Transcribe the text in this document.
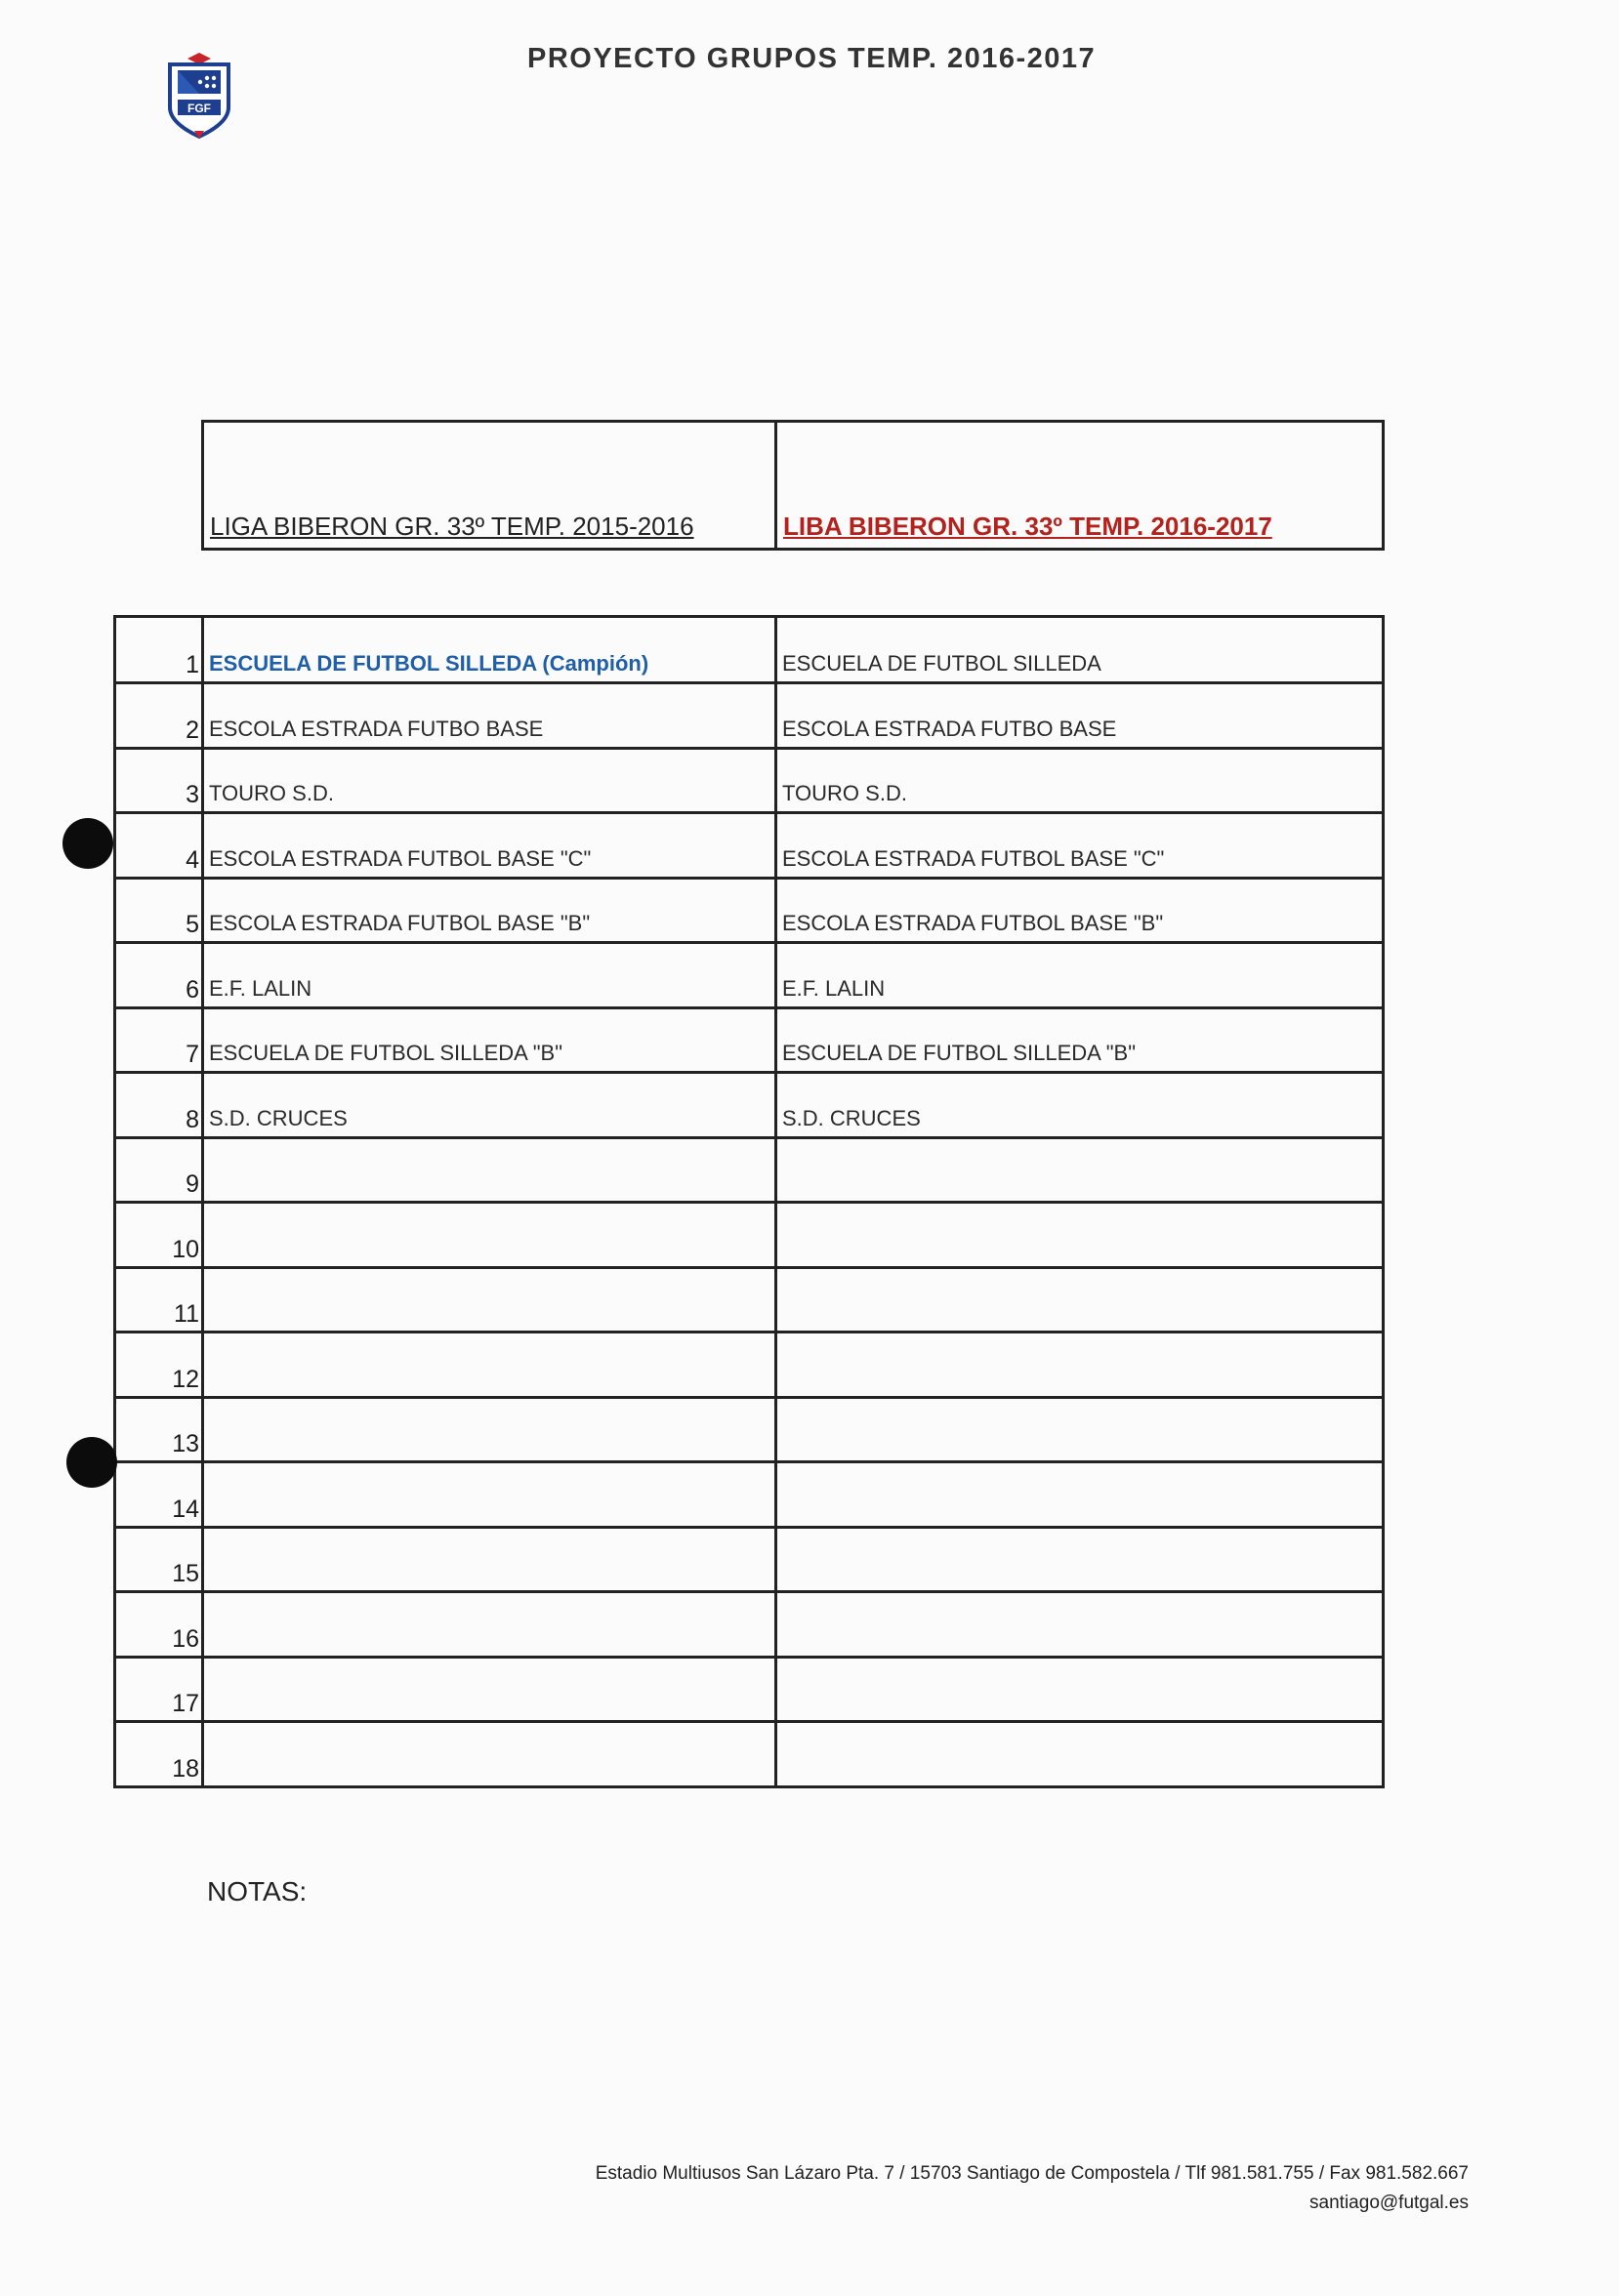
FGF
PROYECTO GRUPOS TEMP. 2016-2017
LIGA BIBERON GR. 33º TEMP. 2015-2016	LIBA BIBERON GR. 33º TEMP. 2016-2017
1 ESCUELA DE FUTBOL SILLEDA (Campión)	ESCUELA DE FUTBOL SILLEDA
2 ESCOLA ESTRADA FUTBO BASE	ESCOLA ESTRADA FUTBO BASE
3 TOURO S.D.	TOURO S.D.
4 ESCOLA ESTRADA FUTBOL BASE "C"	ESCOLA ESTRADA FUTBOL BASE "C"
5 ESCOLA ESTRADA FUTBOL BASE "B"	ESCOLA ESTRADA FUTBOL BASE "B"
6 E.F. LALIN	E.F. LALIN
7 ESCUELA DE FUTBOL SILLEDA "B"	ESCUELA DE FUTBOL SILLEDA "B"
8 S.D. CRUCES	S.D. CRUCES
9
10
11
12
13
14
15
16
17
18
NOTAS:
Estadio Multiusos San Lázaro Pta. 7 / 15703 Santiago de Compostela / Tlf 981.581.755 / Fax 981.582.667
santiago@futgal.es
